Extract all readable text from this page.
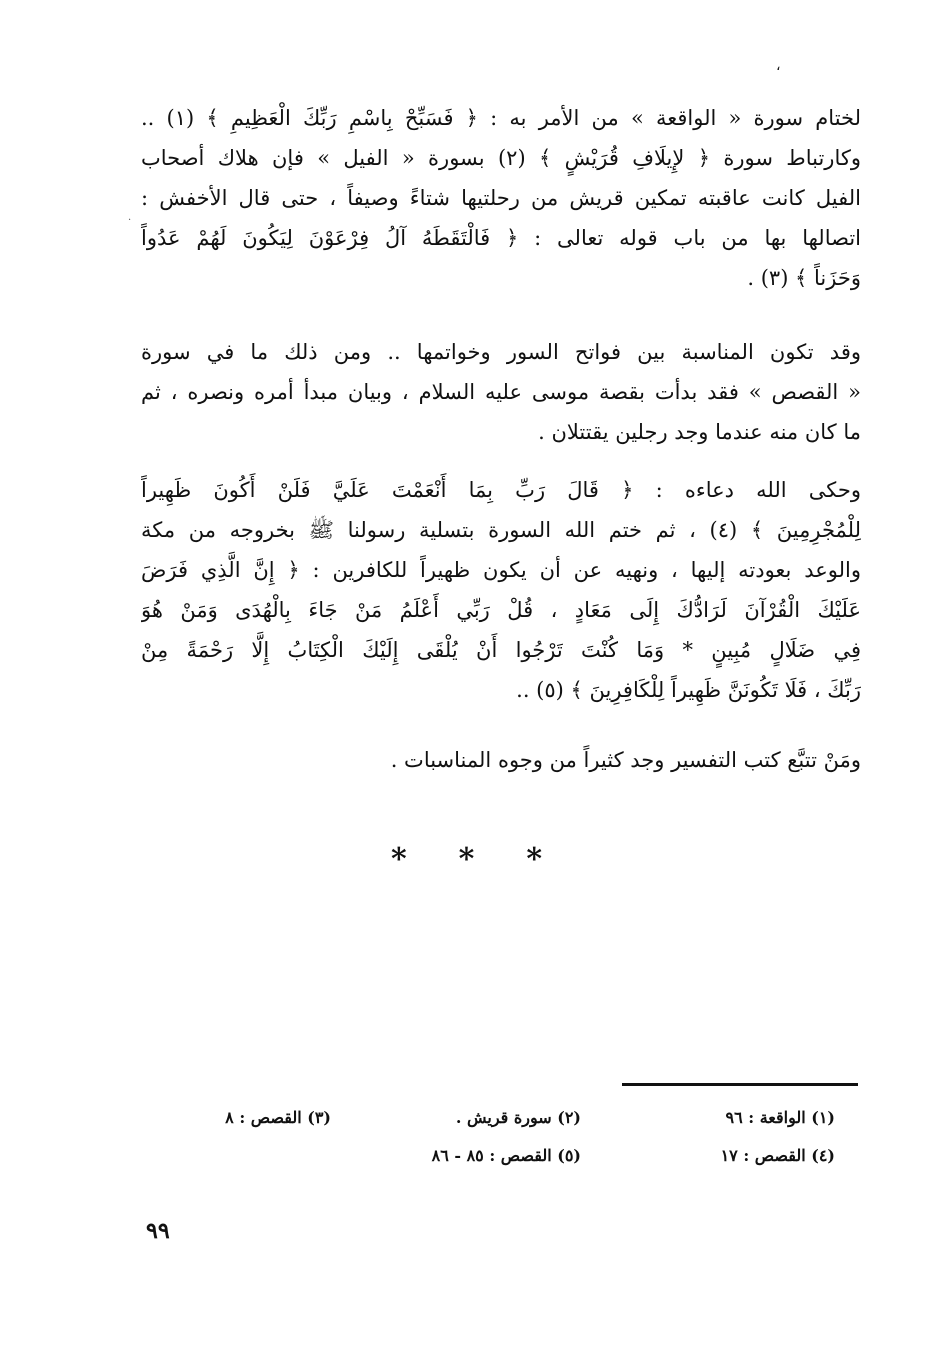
،
.
لختام سورة « الواقعة » من الأمر به : ﴿ فَسَبِّحْ بِاسْمِ رَبِّكَ الْعَظِيمِ ﴾ (١) ..
وكارتباط سورة ﴿ لإِيلَافِ قُرَيْشٍ ﴾ (٢) بسورة « الفيل » فإن هلاك أصحاب
الفيل كانت عاقبته تمكين قريش من رحلتيها شتاءً وصيفاً ، حتى قال الأخفش :
اتصالها بها من باب قوله تعالى : ﴿ فَالْتَقَطَهُ آلُ فِرْعَوْنَ لِيَكُونَ لَهُمْ عَدُواً
وَحَزَناً ﴾ (٣) .
وقد تكون المناسبة بين فواتح السور وخواتمها .. ومن ذلك ما في سورة
« القصص » فقد بدأت بقصة موسى عليه السلام ، وبيان مبدأ أمره ونصره ، ثم
ما كان منه عندما وجد رجلين يقتتلان .
وحكى الله دعاءه : ﴿ قَالَ رَبِّ بِمَا أَنْعَمْتَ عَلَيَّ فَلَنْ أَكُونَ ظَهِيراً
لِلْمُجْرِمِينَ ﴾ (٤) ، ثم ختم الله السورة بتسلية رسولنا ﷺ بخروجه من مكة
والوعد بعودته إليها ، ونهيه عن أن يكون ظهيراً للكافرين : ﴿ إِنَّ الَّذِي فَرَضَ
عَلَيْكَ الْقُرْآنَ لَرَادُّكَ إِلَى مَعَادٍ ، قُلْ رَبِّي أَعْلَمُ مَنْ جَاءَ بِالْهُدَى وَمَنْ هُوَ
فِي ضَلَالٍ مُبِينٍ * وَمَا كُنْتَ تَرْجُوا أَنْ يُلْقَى إِلَيْكَ الْكِتَابُ إِلَّا رَحْمَةً مِنْ
رَبِّكَ ، فَلَا تَكُونَنَّ ظَهِيراً لِلْكَافِرِينَ ﴾ (٥) ..
ومَنْ تتبَّع كتب التفسير وجد كثيراً من وجوه المناسبات .
* * *
(١) الواقعة : ٩٦
(٢) سورة قريش .
(٣) القصص : ٨
(٤) القصص : ١٧
(٥) القصص : ٨٥ - ٨٦
٩٩
